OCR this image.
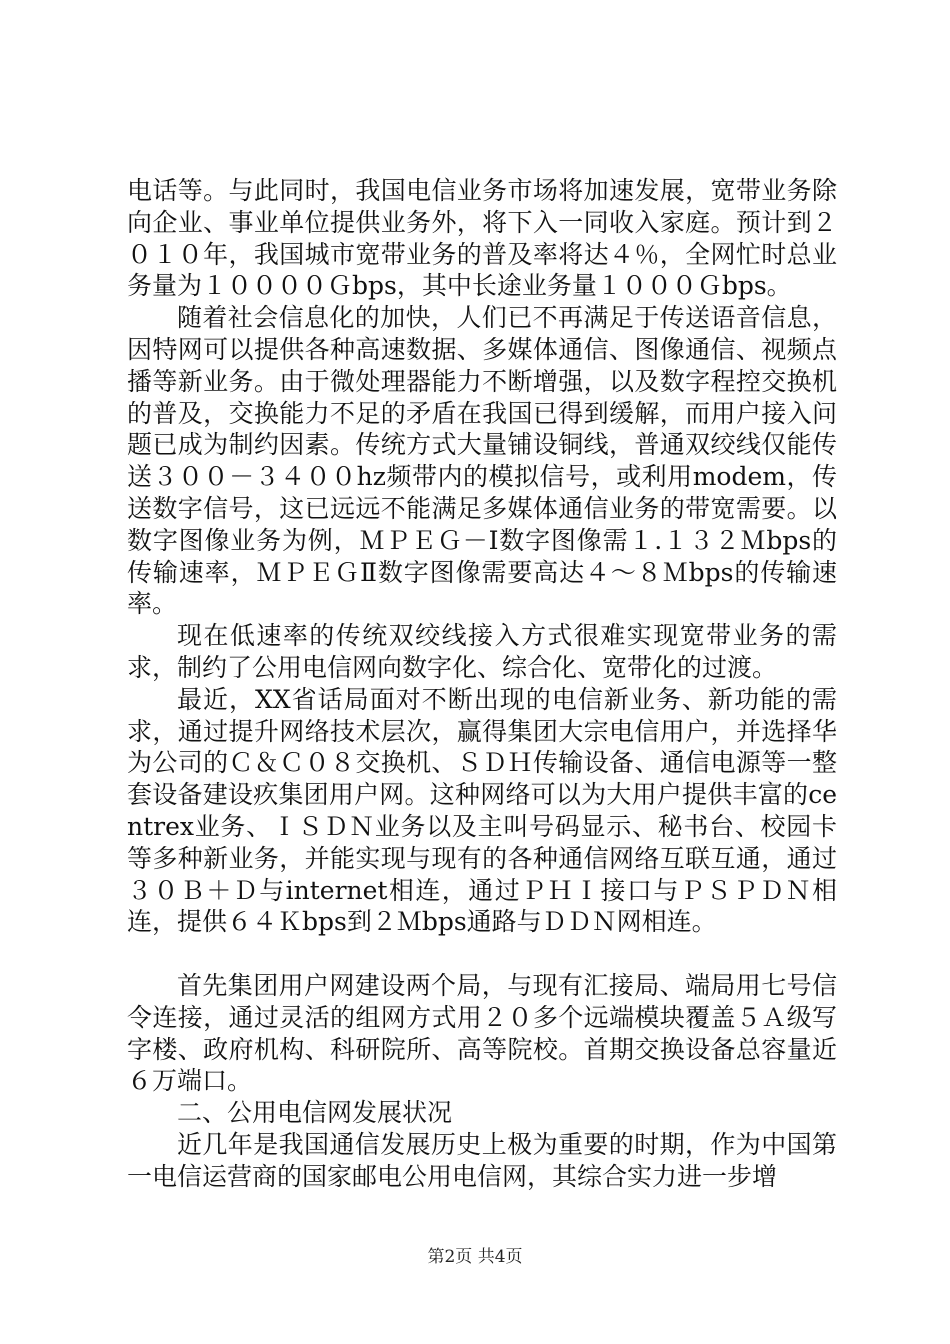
电话等。与此同时，我国电信业务市场将加速发展，宽带业务除向企业、事业单位提供业务外，将下入一同收入家庭。预计到２０１０年，我国城市宽带业务的普及率将达４％，全网忙时总业务量为１００００Ｇbps，其中长途业务量１０００Ｇbps。

随着社会信息化的加快，人们已不再满足于传送语音信息，因特网可以提供各种高速数据、多媒体通信、图像通信、视频点播等新业务。由于微处理器能力不断增强，以及数字程控交换机的普及，交换能力不足的矛盾在我国已得到缓解，而用户接入问题已成为制约因素。传统方式大量铺设铜线，普通双绞线仅能传送３００－３４００hz频带内的模拟信号，或利用modem，传送数字信号，这已远远不能满足多媒体通信业务的带宽需要。以数字图像业务为例，ＭＰＥＧ－Ⅰ数字图像需１.１３２Ｍbps的传输速率，ＭＰＥＧⅡ数字图像需要高达４～８Ｍbps的传输速率。

现在低速率的传统双绞线接入方式很难实现宽带业务的需求，制约了公用电信网向数字化、综合化、宽带化的过渡。

最近，XX省话局面对不断出现的电信新业务、新功能的需求，通过提升网络技术层次，赢得集团大宗电信用户，并选择华为公司的Ｃ＆Ｃ０８交换机、ＳＤＨ传输设备、通信电源等一整套设备建设疚集团用户网。这种网络可以为大用户提供丰富的centrex业务、ＩＳＤＮ业务以及主叫号码显示、秘书台、校园卡等多种新业务，并能实现与现有的各种通信网络互联互通，通过３０Ｂ＋Ｄ与internet相连，通过ＰＨＩ接口与ＰＳＰＤＮ相连，提供６４Ｋbps到２Ｍbps通路与ＤＤＮ网相连。

首先集团用户网建设两个局，与现有汇接局、端局用七号信令连接，通过灵活的组网方式用２０多个远端模块覆盖５Ａ级写字楼、政府机构、科研院所、高等院校。首期交换设备总容量近６万端口。

二、公用电信网发展状况

近几年是我国通信发展历史上极为重要的时期，作为中国第一电信运营商的国家邮电公用电信网，其综合实力进一步增

第2页 共4页
